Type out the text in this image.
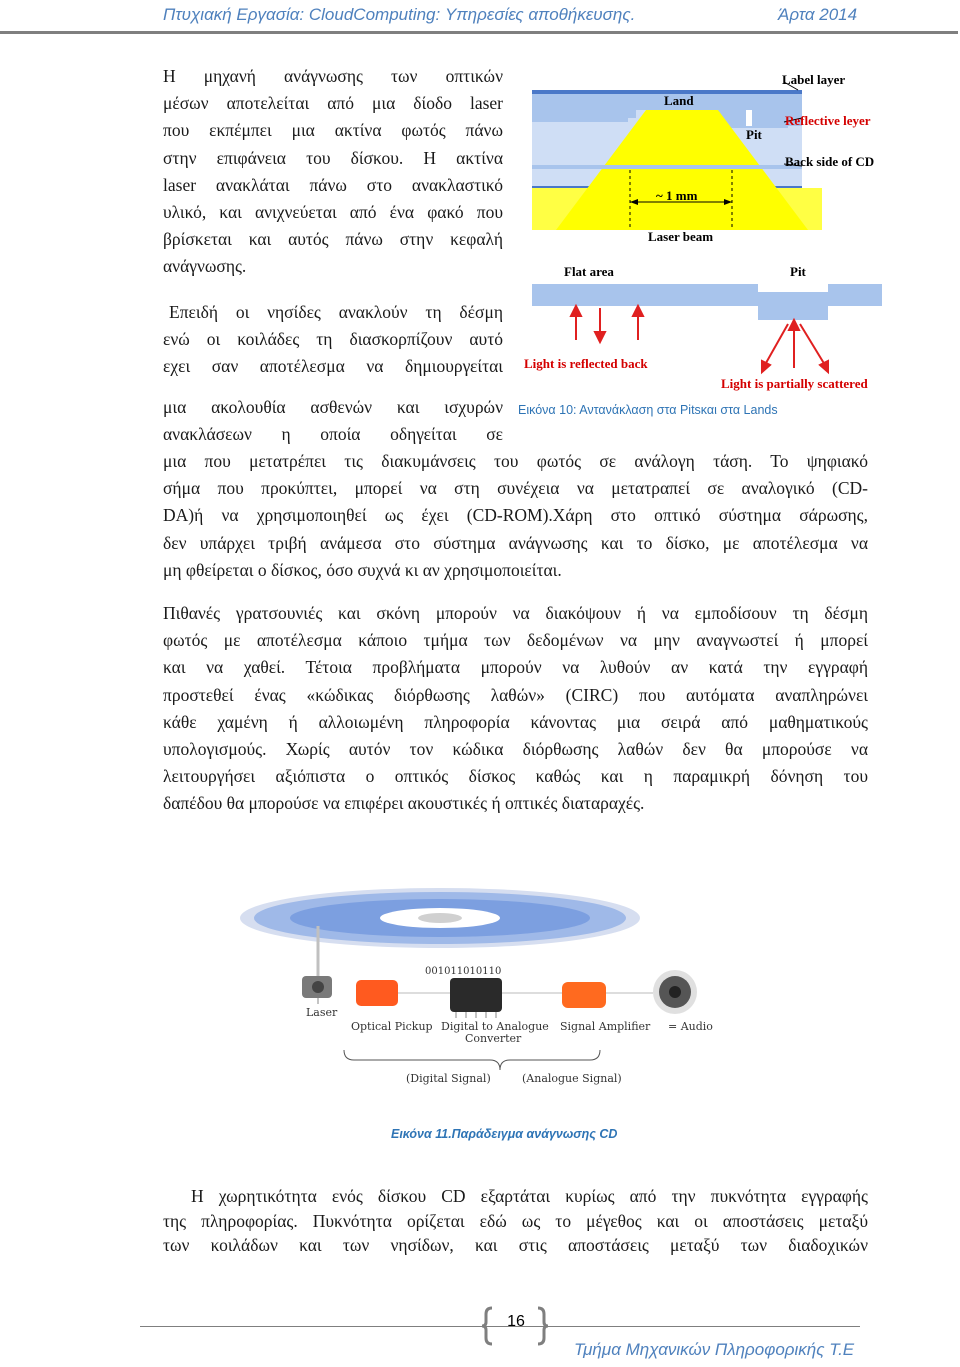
Πτυχιακή Εργασία: CloudComputing: Υπηρεσίες αποθήκευσης.	Άρτα 2014
Η μηχανή ανάγνωσης των οπτικών
μέσων αποτελείται από μια δίοδο laser
που εκπέμπει μια ακτίνα φωτός πάνω
στην επιφάνεια του δίσκου. Η ακτίνα
laser ανακλάται πάνω στο ανακλαστικό
υλικό, και ανιχνεύεται από ένα φακό που
βρίσκεται και αυτός πάνω στην κεφαλή
ανάγνωσης.
Επειδή οι νησίδες ανακλούν τη δέσμη
ενώ οι κοιλάδες τη διασκορπίζουν αυτό
εχει σαν αποτέλεσμα να δημιουργείται
μια ακολουθία ασθενών και ισχυρών
ανακλάσεων η οποία οδηγείται σε
μια που μετατρέπει τις διακυμάνσεις του φωτός σε ανάλογη τάση. Το ψηφιακό
σήμα που προκύπτει, μπορεί να στη συνέχεια να μετατραπεί σε αναλογικό (CD-
DA)ή να χρησιμοποιηθεί ως έχει (CD-ROM).Χάρη στο οπτικό σύστημα σάρωσης,
δεν υπάρχει τριβή ανάμεσα στο σύστημα ανάγνωσης και το δίσκο, με αποτέλεσμα να
μη φθείρεται ο δίσκος, όσο συχνά κι αν χρησιμοποιείται.
Label layer
Land
Reflective leyer
Pit
Back side of CD
~ 1 mm
Laser beam
Flat area	Pit
Light is reflected back
Light is partially scattered
Εικόνα 10: Αντανάκλαση στα Pitsκαι στα Lands
Πιθανές γρατσουνιές και σκόνη μπορούν να διακόψουν ή να εμποδίσουν τη δέσμη
φωτός με αποτέλεσμα κάποιο τμήμα των δεδομένων να μην αναγνωστεί ή μπορεί
και να χαθεί. Τέτοια προβλήματα μπορούν να λυθούν αν κατά την εγγραφή
προστεθεί ένας «κώδικας διόρθωσης λαθών» (CIRC) που αυτόματα αναπληρώνει
κάθε χαμένη ή αλλοιωμένη πληροφορία κάνοντας μια σειρά από μαθηματικούς
υπολογισμούς. Χωρίς αυτόν τον κώδικα διόρθωσης λαθών δεν θα μπορούσε να
λειτουργήσει αξιόπιστα ο οπτικός δίσκος καθώς και η παραμικρή δόνηση του
δαπέδου θα μπορούσε να επιφέρει ακουστικές ή οπτικές διαταραχές.
001011010110
Laser
Optical Pickup Digital to Analogue
Converter
Signal Amplifier = Audio
(Digital Signal)	(Analogue Signal)
Εικόνα 11.Παράδειγμα ανάγνωσης CD
Η χωρητικότητα ενός δίσκου CD εξαρτάται κυρίως από την πυκνότητα εγγραφής
της πληροφορίας. Πυκνότητα ορίζεται εδώ ως το μέγεθος και οι αποστάσεις μεταξύ
των κοιλάδων και των νησίδων, και στις αποστάσεις μεταξύ των διαδοχικών
16
Τμήμα Μηχανικών Πληροφορικής Τ.Ε
